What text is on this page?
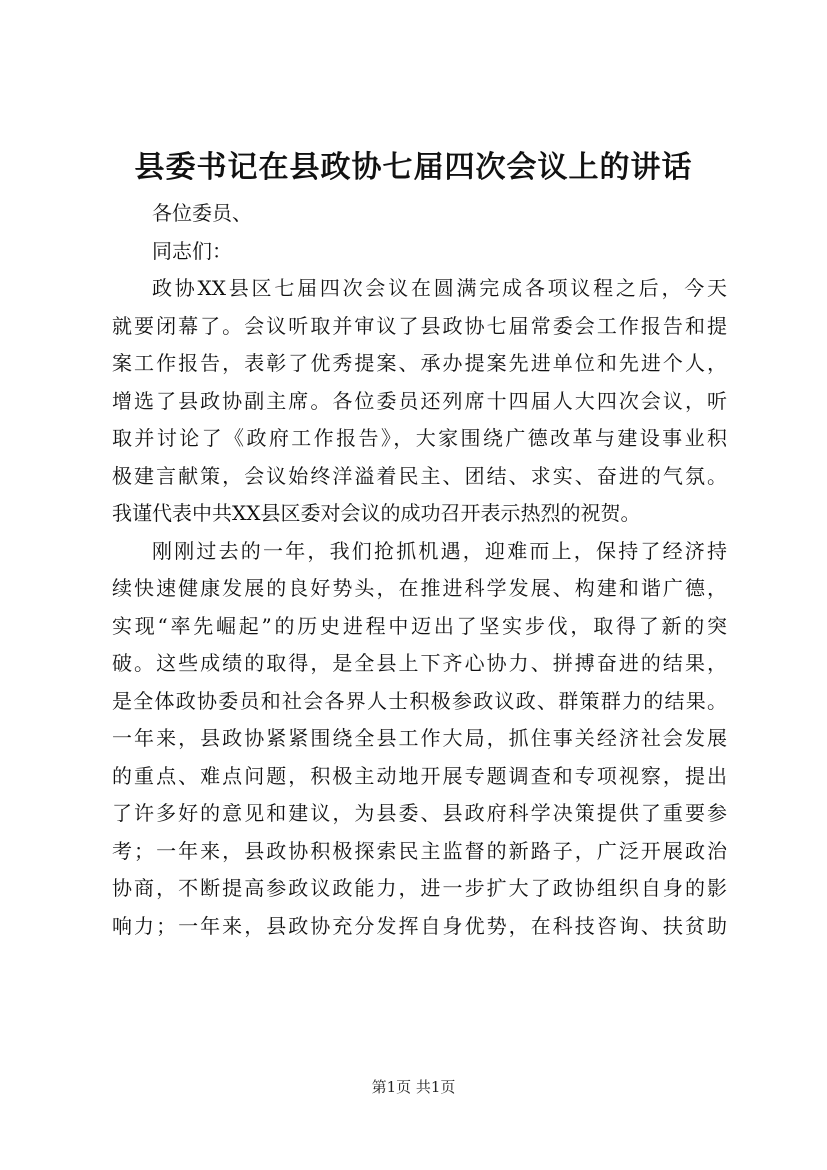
县委书记在县政协七届四次会议上的讲话
各位委员、
同志们：
政协XX县区七届四次会议在圆满完成各项议程之后，今天
就要闭幕了。会议听取并审议了县政协七届常委会工作报告和提
案工作报告，表彰了优秀提案、承办提案先进单位和先进个人，
增选了县政协副主席。各位委员还列席十四届人大四次会议，听
取并讨论了《政府工作报告》，大家围绕广德改革与建设事业积
极建言献策，会议始终洋溢着民主、团结、求实、奋进的气氛。
我谨代表中共XX县区委对会议的成功召开表示热烈的祝贺。
刚刚过去的一年，我们抢抓机遇，迎难而上，保持了经济持
续快速健康发展的良好势头，在推进科学发展、构建和谐广德，
实现“率先崛起”的历史进程中迈出了坚实步伐，取得了新的突
破。这些成绩的取得，是全县上下齐心协力、拼搏奋进的结果，
是全体政协委员和社会各界人士积极参政议政、群策群力的结果。
一年来，县政协紧紧围绕全县工作大局，抓住事关经济社会发展
的重点、难点问题，积极主动地开展专题调查和专项视察，提出
了许多好的意见和建议，为县委、县政府科学决策提供了重要参
考；一年来，县政协积极探索民主监督的新路子，广泛开展政治
协商，不断提高参政议政能力，进一步扩大了政协组织自身的影
响力；一年来，县政协充分发挥自身优势，在科技咨询、扶贫助
第1页 共1页
